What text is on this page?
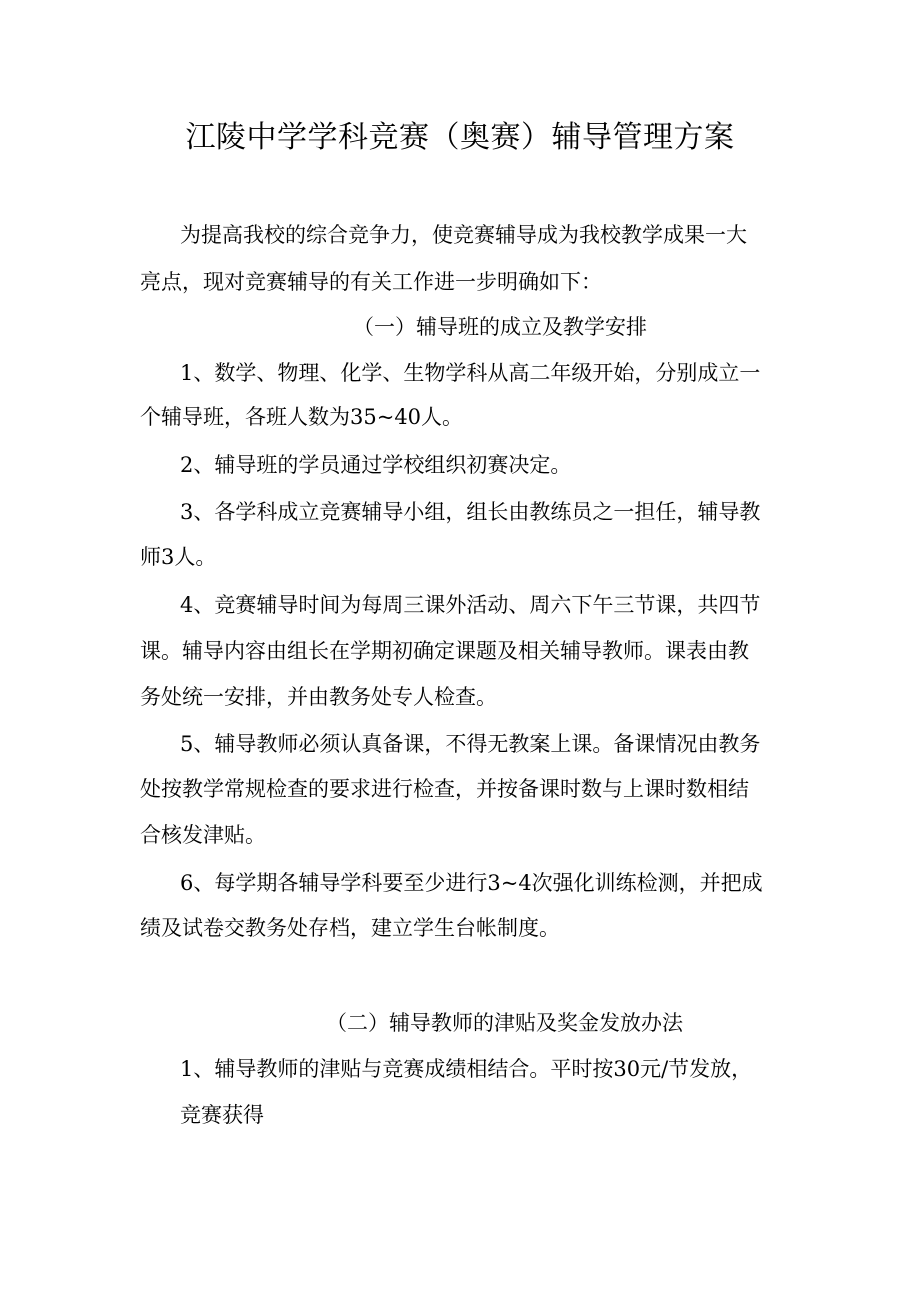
江陵中学学科竞赛（奥赛）辅导管理方案
为提高我校的综合竞争力，使竞赛辅导成为我校教学成果一大
亮点，现对竞赛辅导的有关工作进一步明确如下：
（一）辅导班的成立及教学安排
1、数学、物理、化学、生物学科从高二年级开始，分别成立一
个辅导班，各班人数为35~40人。
2、辅导班的学员通过学校组织初赛决定。
3、各学科成立竞赛辅导小组，组长由教练员之一担任，辅导教
师3人。
4、竞赛辅导时间为每周三课外活动、周六下午三节课，共四节
课。辅导内容由组长在学期初确定课题及相关辅导教师。课表由教
务处统一安排，并由教务处专人检查。
5、辅导教师必须认真备课，不得无教案上课。备课情况由教务
处按教学常规检查的要求进行检查，并按备课时数与上课时数相结
合核发津贴。
6、每学期各辅导学科要至少进行3~4次强化训练检测，并把成
绩及试卷交教务处存档，建立学生台帐制度。
（二）辅导教师的津贴及奖金发放办法
1、辅导教师的津贴与竞赛成绩相结合。平时按30元/节发放，
竞赛获得
